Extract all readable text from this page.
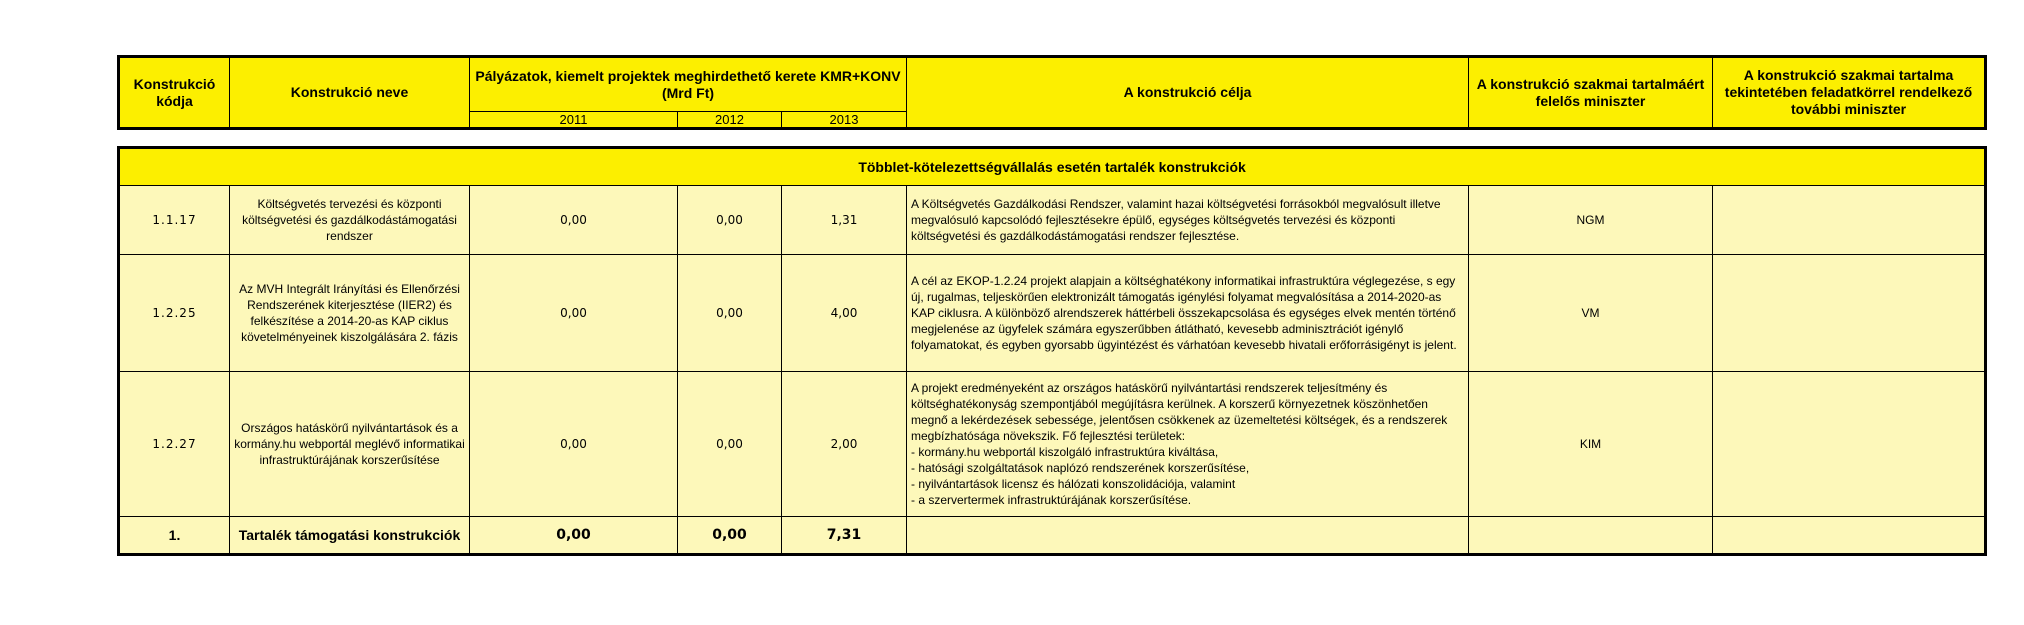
Konstrukció kódja	Konstrukció neve	Pályázatok, kiemelt projektek meghirdethető kerete KMR+KONV (Mrd Ft)			A konstrukció célja	A konstrukció szakmai tartalmáért felelős miniszter	A konstrukció szakmai tartalma tekintetében feladatkörrel rendelkező további miniszter
		2011	2012	2013			
Többlet-kötelezettségvállalás esetén tartalék konstrukciók							
1.1.17	Költségvetés tervezési és központi költségvetési és gazdálkodástámogatási rendszer	0,00	0,00	1,31	A Költségvetés Gazdálkodási Rendszer, valamint hazai költségvetési forrásokból megvalósult illetve megvalósuló kapcsolódó fejlesztésekre épülő, egységes költségvetés tervezési és központi költségvetési és gazdálkodástámogatási rendszer fejlesztése.	NGM	
1.2.25	Az MVH Integrált Irányítási és Ellenőrzési Rendszerének kiterjesztése (IIER2) és felkészítése a 2014-20-as KAP ciklus követelményeinek kiszolgálására 2. fázis	0,00	0,00	4,00	A cél az EKOP-1.2.24 projekt alapjain a költséghatékony informatikai infrastruktúra véglegezése, s egy új, rugalmas, teljeskörűen elektronizált támogatás igénylési folyamat megvalósítása a 2014-2020-as KAP ciklusra. A különböző alrendszerek háttérbeli összekapcsolása és egységes elvek mentén történő megjelenése az ügyfelek számára egyszerűbben átlátható, kevesebb adminisztrációt igénylő folyamatokat, és egyben gyorsabb ügyintézést és várhatóan kevesebb hivatali erőforrásigényt is jelent.	VM	
1.2.27	Országos hatáskörű nyilvántartások és a kormány.hu webportál meglévő informatikai infrastruktúrájának korszerűsítése	0,00	0,00	2,00	A projekt eredményeként az országos hatáskörű nyilvántartási rendszerek teljesítmény és költséghatékonyság szempontjából megújításra kerülnek. A korszerű környezetnek köszönhetően megnő a lekérdezések sebessége, jelentősen csökkenek az üzemeltetési költségek, és a rendszerek megbízhatósága növekszik. Fő fejlesztési területek:
- kormány.hu webportál kiszolgáló infrastruktúra kiváltása,
- hatósági szolgáltatások naplózó rendszerének korszerűsítése,
- nyilvántartások licensz és hálózati konszolidációja, valamint
- a szervertermek infrastruktúrájának korszerűsítése.	KIM	
1.	Tartalék támogatási konstrukciók	0,00	0,00	7,31			
